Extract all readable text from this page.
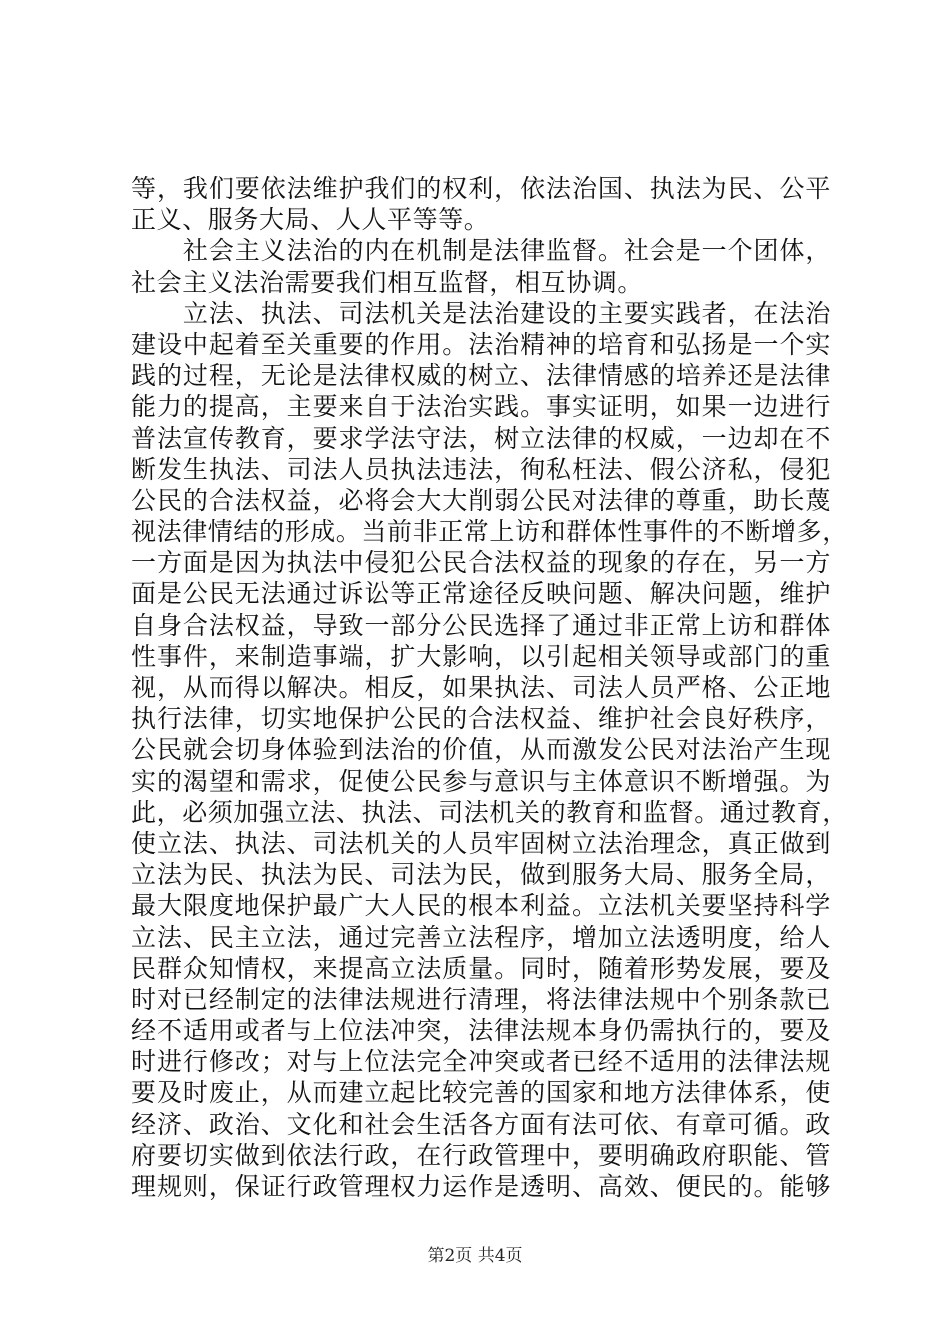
等，我们要依法维护我们的权利，依法治国、执法为民、公平
正义、服务大局、人人平等等。
　　社会主义法治的内在机制是法律监督。社会是一个团体，
社会主义法治需要我们相互监督，相互协调。
　　立法、执法、司法机关是法治建设的主要实践者，在法治
建设中起着至关重要的作用。法治精神的培育和弘扬是一个实
践的过程，无论是法律权威的树立、法律情感的培养还是法律
能力的提高，主要来自于法治实践。事实证明，如果一边进行
普法宣传教育，要求学法守法，树立法律的权威，一边却在不
断发生执法、司法人员执法违法，徇私枉法、假公济私，侵犯
公民的合法权益，必将会大大削弱公民对法律的尊重，助长蔑
视法律情结的形成。当前非正常上访和群体性事件的不断增多，
一方面是因为执法中侵犯公民合法权益的现象的存在，另一方
面是公民无法通过诉讼等正常途径反映问题、解决问题，维护
自身合法权益，导致一部分公民选择了通过非正常上访和群体
性事件，来制造事端，扩大影响，以引起相关领导或部门的重
视，从而得以解决。相反，如果执法、司法人员严格、公正地
执行法律，切实地保护公民的合法权益、维护社会良好秩序，
公民就会切身体验到法治的价值，从而激发公民对法治产生现
实的渴望和需求，促使公民参与意识与主体意识不断增强。为
此，必须加强立法、执法、司法机关的教育和监督。通过教育，
使立法、执法、司法机关的人员牢固树立法治理念，真正做到
立法为民、执法为民、司法为民，做到服务大局、服务全局，
最大限度地保护最广大人民的根本利益。立法机关要坚持科学
立法、民主立法，通过完善立法程序，增加立法透明度，给人
民群众知情权，来提高立法质量。同时，随着形势发展，要及
时对已经制定的法律法规进行清理，将法律法规中个别条款已
经不适用或者与上位法冲突，法律法规本身仍需执行的，要及
时进行修改；对与上位法完全冲突或者已经不适用的法律法规
要及时废止，从而建立起比较完善的国家和地方法律体系，使
经济、政治、文化和社会生活各方面有法可依、有章可循。政
府要切实做到依法行政，在行政管理中，要明确政府职能、管
理规则，保证行政管理权力运作是透明、高效、便民的。能够
第2页 共4页
